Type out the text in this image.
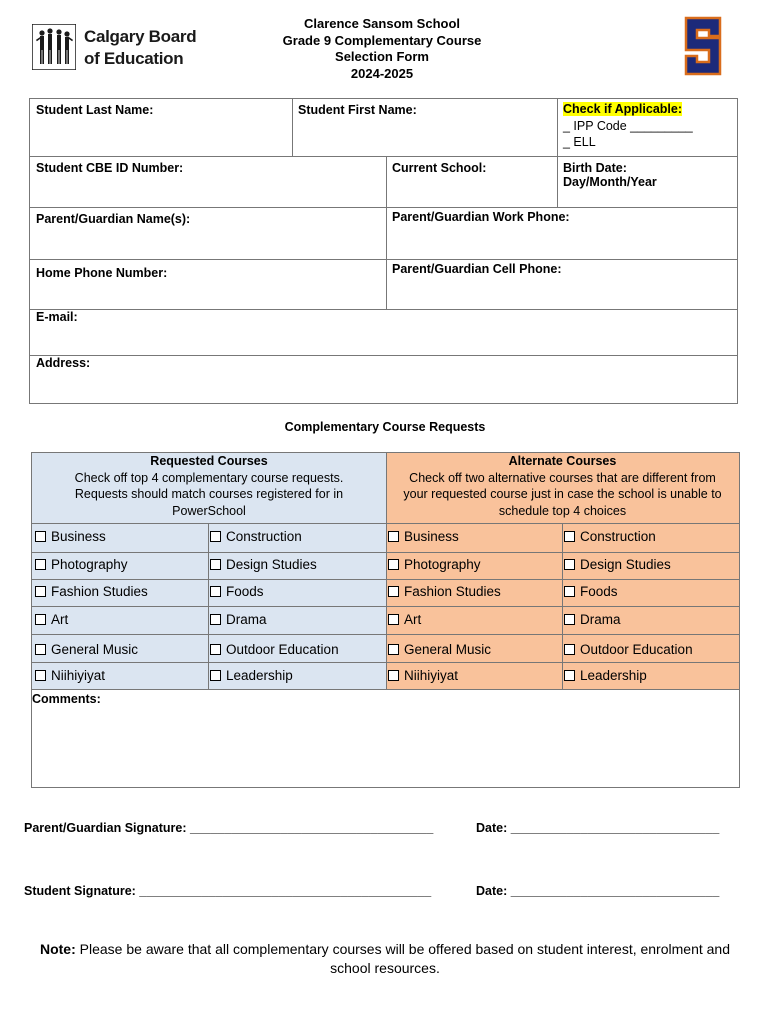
Calgary Board
of Education
Clarence Sansom School
Grade 9 Complementary Course
Selection Form
2024-2025
Student Last Name:	Student First Name:	Check if Applicable:
_ IPP Code _________
_ ELL
Student CBE ID Number:	Current School:	Birth Date:
Day/Month/Year
Parent/Guardian Name(s):	Parent/Guardian Work Phone:
Home Phone Number:	Parent/Guardian Cell Phone:
E-mail:
Address:
Complementary Course Requests
Requested Courses
Check off top 4 complementary course requests.
Requests should match courses registered for in
PowerSchool
Alternate Courses
Check off two alternative courses that are different from
your requested course just in case the school is unable to
schedule top 4 choices
Business	Construction	Business	Construction
Photography	Design Studies	Photography	Design Studies
Fashion Studies	Foods	Fashion Studies	Foods
Art	Drama	Art	Drama
General Music	Outdoor Education	General Music	Outdoor Education
Niihiyiyat	Leadership	Niihiyiyat	Leadership
Comments:
Parent/Guardian Signature: ___________________________________	Date: ______________________________
Student Signature: __________________________________________	Date: ______________________________
Note: Please be aware that all complementary courses will be offered based on student interest, enrolment and school resources.
